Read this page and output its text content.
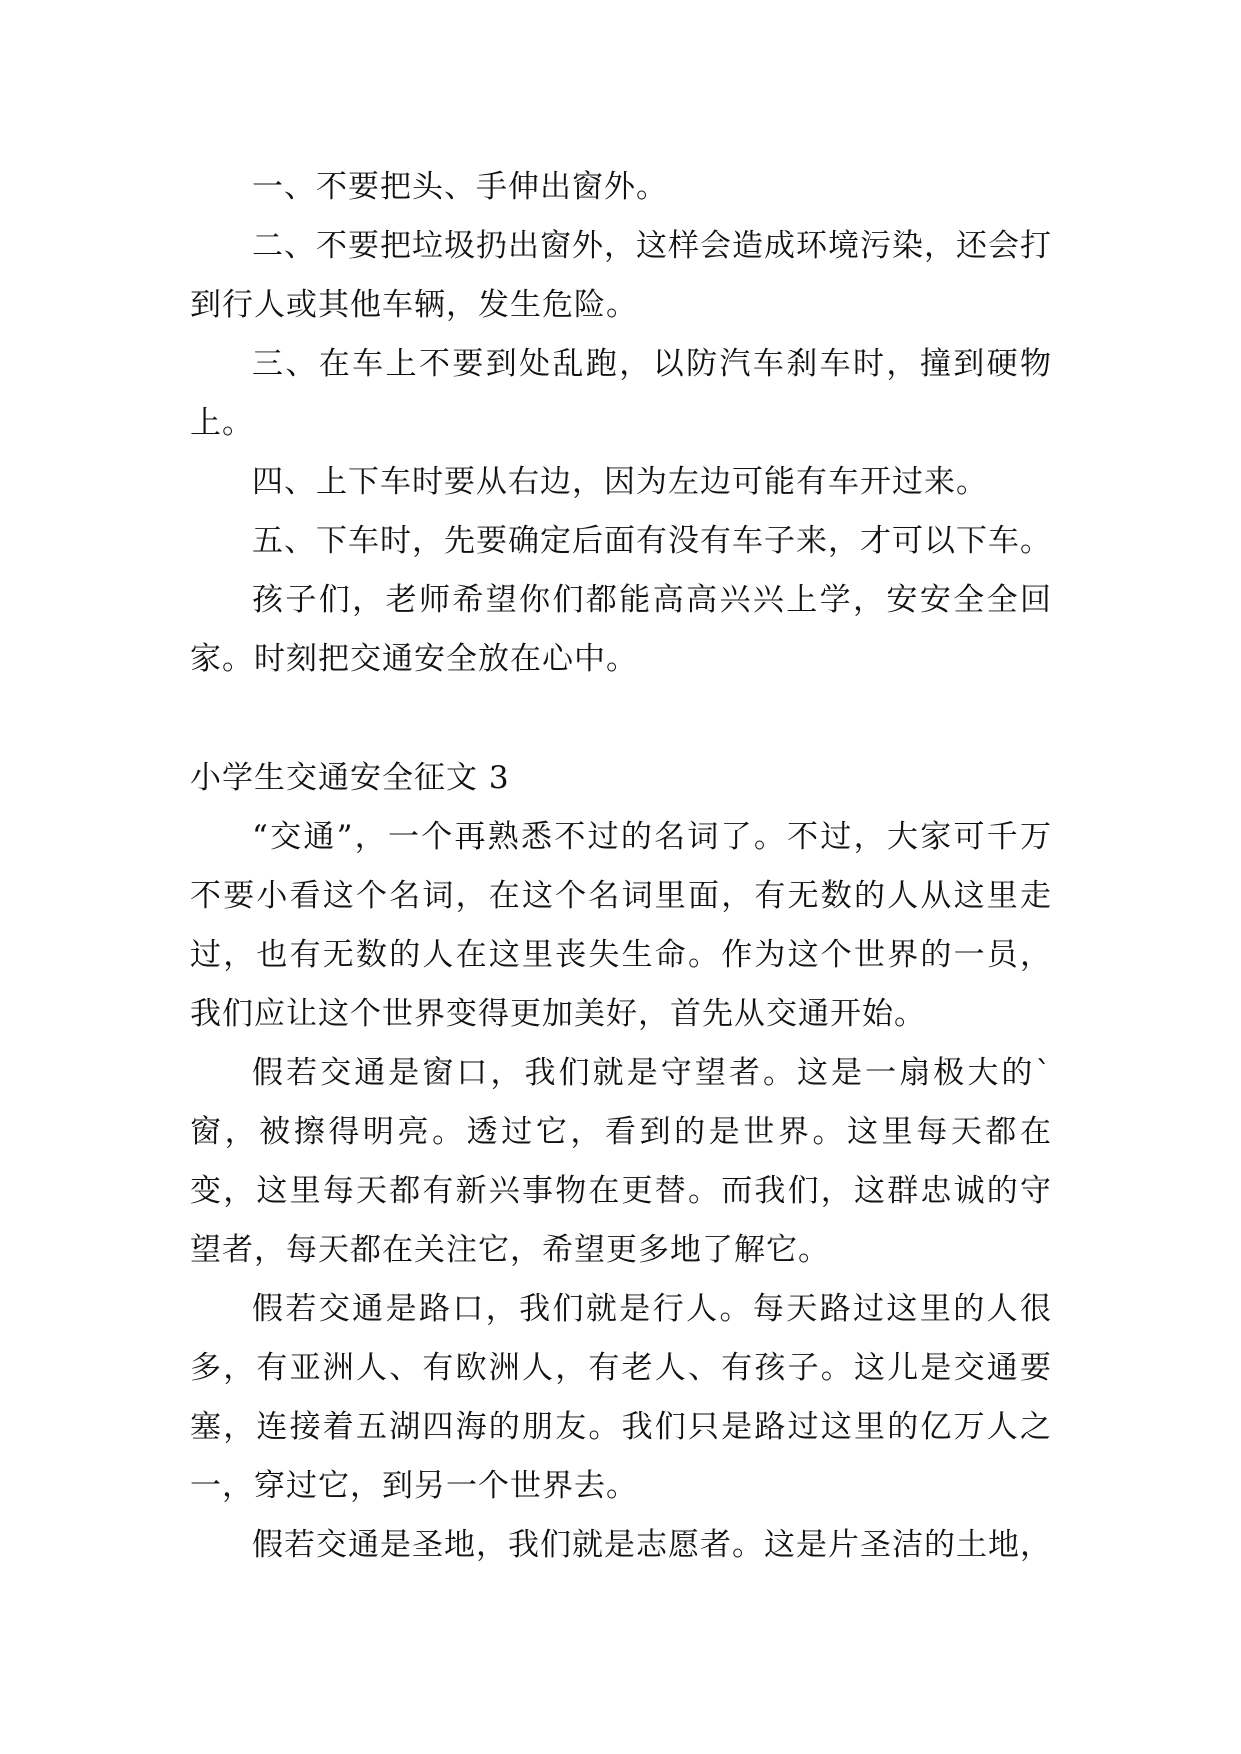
一、不要把头、手伸出窗外。

二、不要把垃圾扔出窗外，这样会造成环境污染，还会打到行人或其他车辆，发生危险。

三、在车上不要到处乱跑，以防汽车刹车时，撞到硬物上。

四、上下车时要从右边，因为左边可能有车开过来。

五、下车时，先要确定后面有没有车子来，才可以下车。

孩子们，老师希望你们都能高高兴兴上学，安安全全回家。时刻把交通安全放在心中。

小学生交通安全征文 3

“交通”，一个再熟悉不过的名词了。不过，大家可千万不要小看这个名词，在这个名词里面，有无数的人从这里走过，也有无数的人在这里丧失生命。作为这个世界的一员，我们应让这个世界变得更加美好，首先从交通开始。

假若交通是窗口，我们就是守望者。这是一扇极大的`窗，被擦得明亮。透过它，看到的是世界。这里每天都在变，这里每天都有新兴事物在更替。而我们，这群忠诚的守望者，每天都在关注它，希望更多地了解它。

假若交通是路口，我们就是行人。每天路过这里的人很多，有亚洲人、有欧洲人，有老人、有孩子。这儿是交通要塞，连接着五湖四海的朋友。我们只是路过这里的亿万人之一，穿过它，到另一个世界去。

假若交通是圣地，我们就是志愿者。这是片圣洁的土地，
